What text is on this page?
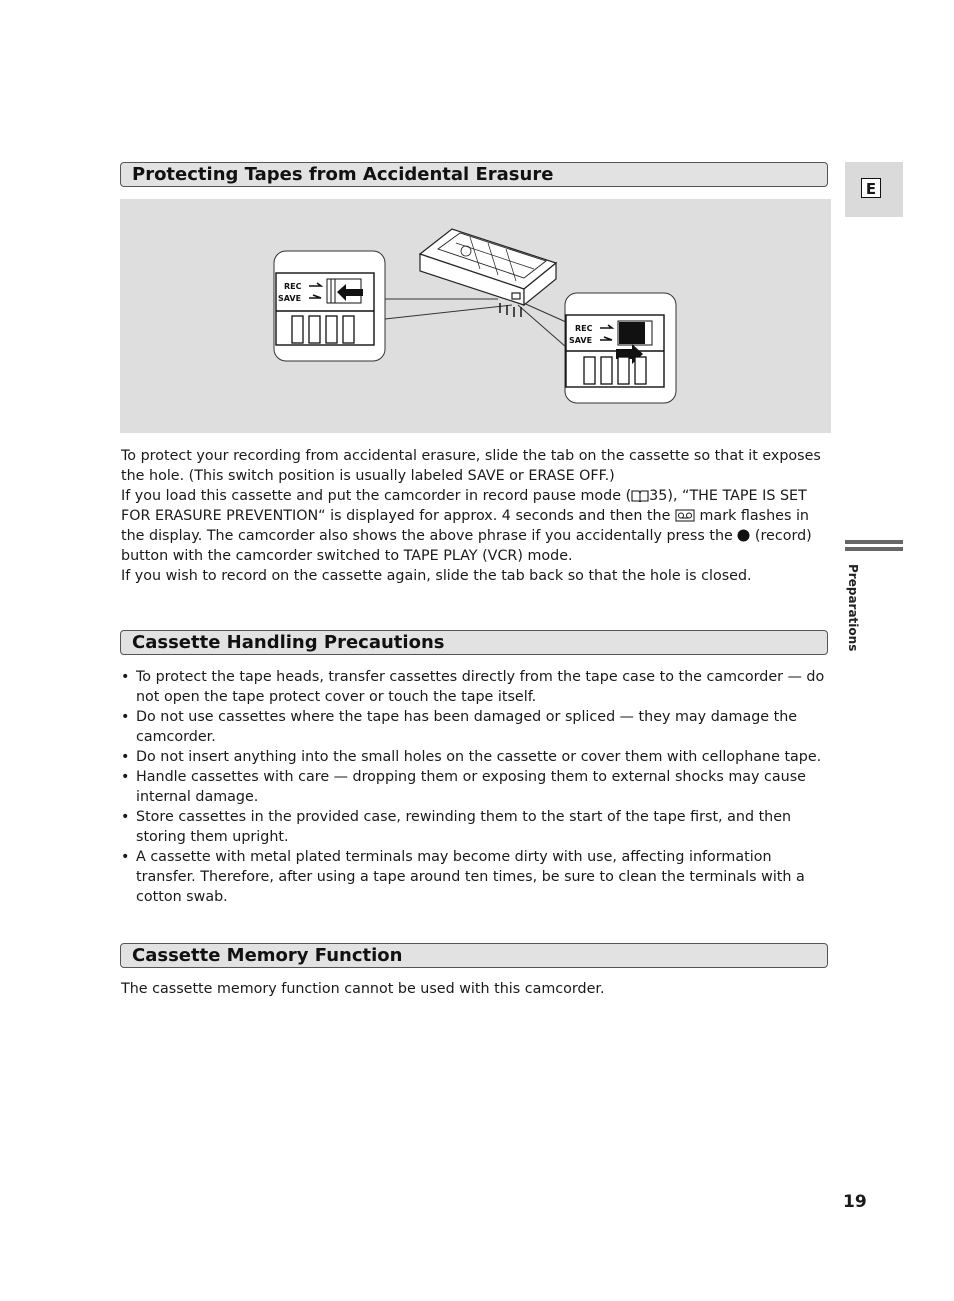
E
Preparations
Protecting Tapes from Accidental Erasure
REC
SAVE
REC
SAVE

To protect your recording from accidental erasure, slide the tab on the cassette so that it exposes the hole. (This switch position is usually labeled SAVE or ERASE OFF.)

If you load this cassette and put the camcorder in record pause mode ( 35), “THE TAPE IS SET FOR ERASURE PREVENTION“ is displayed for approx. 4 seconds and then the mark flashes in the display. The camcorder also shows the above phrase if you accidentally press the (record) button with the camcorder switched to TAPE PLAY (VCR) mode.

If you wish to record on the cassette again, slide the tab back so that the hole is closed.

Cassette Handling Precautions
• To protect the tape heads, transfer cassettes directly from the tape case to the camcorder — do not open the tape protect cover or touch the tape itself.
• Do not use cassettes where the tape has been damaged or spliced — they may damage the camcorder.
• Do not insert anything into the small holes on the cassette or cover them with cellophane tape.
• Handle cassettes with care — dropping them or exposing them to external shocks may cause internal damage.
• Store cassettes in the provided case, rewinding them to the start of the tape first, and then storing them upright.
• A cassette with metal plated terminals may become dirty with use, affecting information transfer. Therefore, after using a tape around ten times, be sure to clean the terminals with a cotton swab.
Cassette Memory Function
The cassette memory function cannot be used with this camcorder.
19
